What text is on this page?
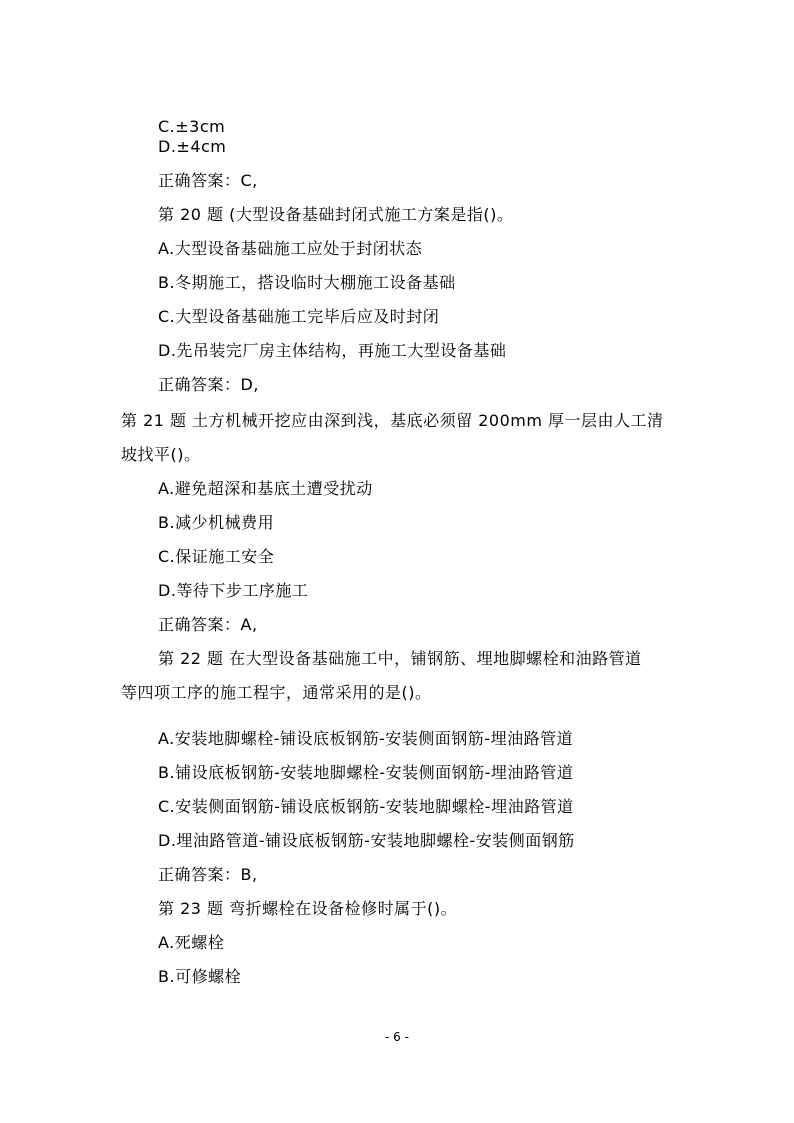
C.±3cm
D.±4cm
正确答案：C,
第 20 题 (大型设备基础封闭式施工方案是指()。
A.大型设备基础施工应处于封闭状态
B.冬期施工，搭设临时大棚施工设备基础
C.大型设备基础施工完毕后应及时封闭
D.先吊装完厂房主体结构，再施工大型设备基础
正确答案：D,
第 21 题 土方机械开挖应由深到浅，基底必须留 200mm 厚一层由人工清
坡找平()。
A.避免超深和基底土遭受扰动
B.减少机械费用
C.保证施工安全
D.等待下步工序施工
正确答案：A,
第 22 题 在大型设备基础施工中，铺钢筋、埋地脚螺栓和油路管道
等四项工序的施工程宇，通常采用的是()。
A.安装地脚螺栓-铺设底板钢筋-安装侧面钢筋-埋油路管道
B.铺设底板钢筋-安装地脚螺栓-安装侧面钢筋-埋油路管道
C.安装侧面钢筋-铺设底板钢筋-安装地脚螺栓-埋油路管道
D.埋油路管道-铺设底板钢筋-安装地脚螺栓-安装侧面钢筋
正确答案：B,
第 23 题 弯折螺栓在设备检修时属于()。
A.死螺栓
B.可修螺栓
- 6 -
